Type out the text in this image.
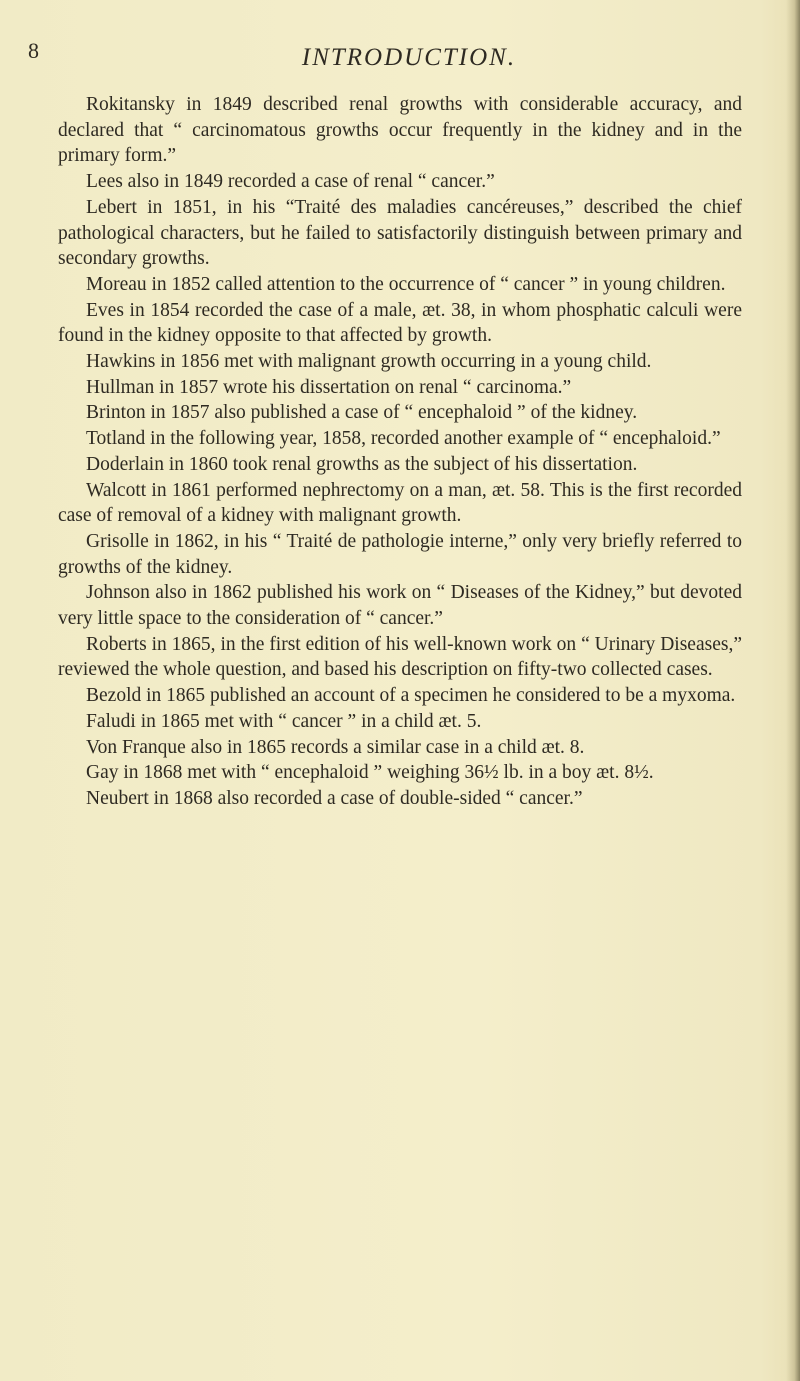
8	INTRODUCTION.

Rokitansky in 1849 described renal growths with considerable accuracy, and declared that “ carcinomatous growths occur frequently in the kidney and in the primary form.”

Lees also in 1849 recorded a case of renal “ cancer.”

Lebert in 1851, in his “Traité des maladies cancéreuses,” described the chief pathological characters, but he failed to satisfactorily distinguish between primary and secondary growths.

Moreau in 1852 called attention to the occurrence of “ cancer ” in young children.

Eves in 1854 recorded the case of a male, æt. 38, in whom phosphatic calculi were found in the kidney opposite to that affected by growth.

Hawkins in 1856 met with malignant growth occurring in a young child.

Hullman in 1857 wrote his dissertation on renal “ carcinoma.”

Brinton in 1857 also published a case of “ encephaloid ” of the kidney.

Totland in the following year, 1858, recorded another example of “ encephaloid.”

Doderlain in 1860 took renal growths as the subject of his dissertation.

Walcott in 1861 performed nephrectomy on a man, æt. 58. This is the first recorded case of removal of a kidney with malignant growth.

Grisolle in 1862, in his “ Traité de pathologie interne,” only very briefly referred to growths of the kidney.

Johnson also in 1862 published his work on “ Diseases of the Kidney,” but devoted very little space to the consideration of “ cancer.”

Roberts in 1865, in the first edition of his well-known work on “ Urinary Diseases,” reviewed the whole question, and based his description on fifty-two collected cases.

Bezold in 1865 published an account of a specimen he considered to be a myxoma.

Faludi in 1865 met with “ cancer ” in a child æt. 5.

Von Franque also in 1865 records a similar case in a child æt. 8.

Gay in 1868 met with “ encephaloid ” weighing 36½ lb. in a boy æt. 8½.

Neubert in 1868 also recorded a case of double-sided “ cancer.”
